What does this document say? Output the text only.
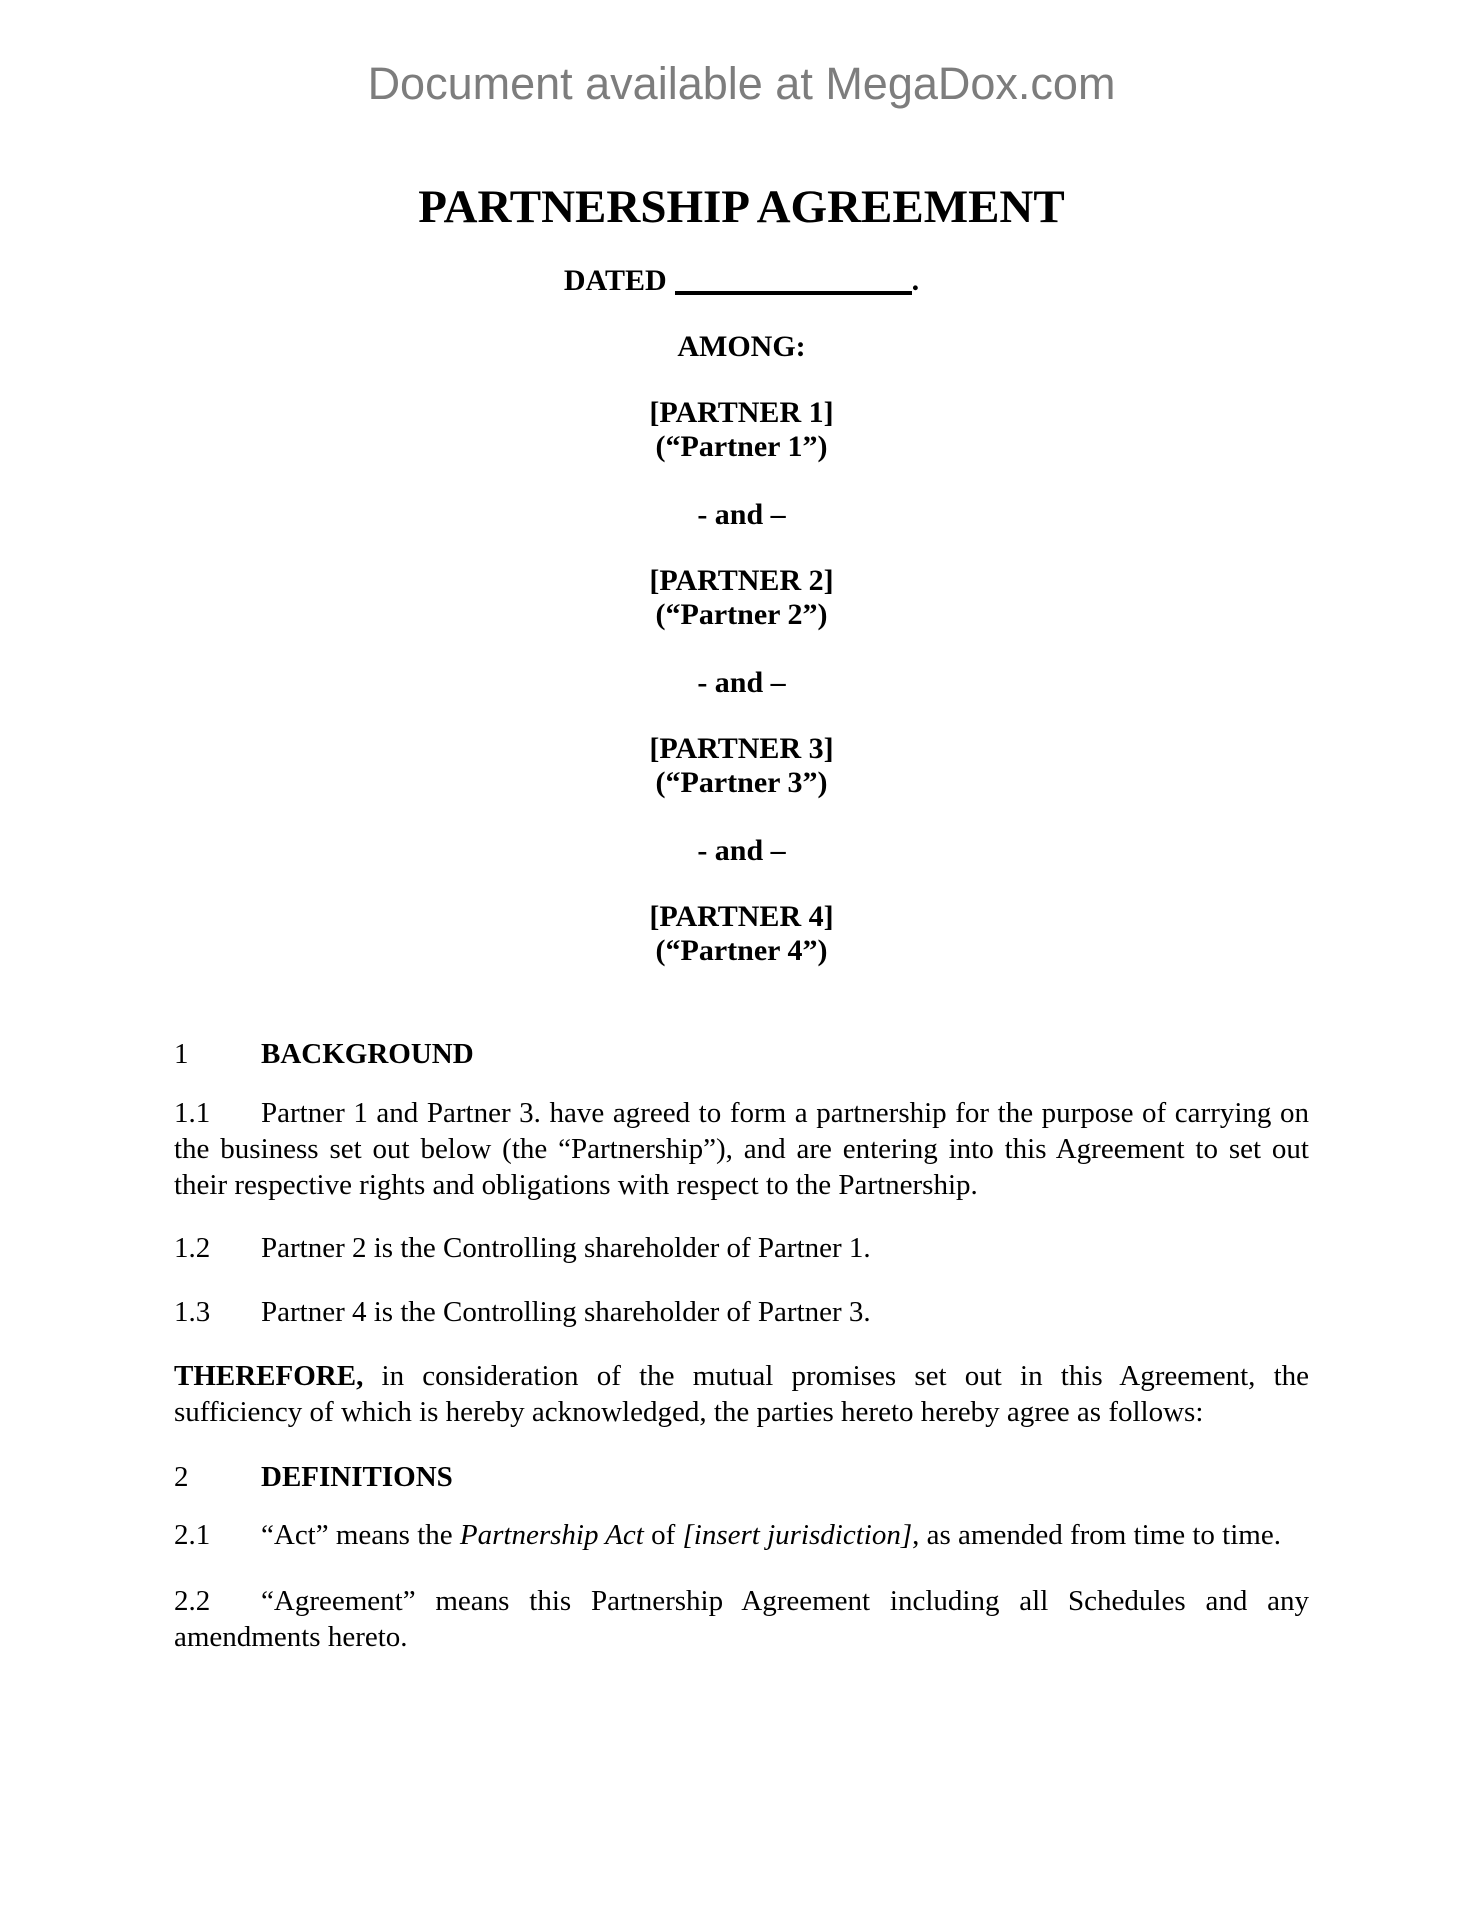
Document available at MegaDox.com
PARTNERSHIP AGREEMENT
DATED	.
AMONG:
[PARTNER 1]
(“Partner 1”)
- and –
[PARTNER 2]
(“Partner 2”)
- and –
[PARTNER 3]
(“Partner 3”)
- and –
[PARTNER 4]
(“Partner 4”)
1	BACKGROUND

1.1 Partner 1 and Partner 3. have agreed to form a partnership for the purpose of carrying on the business set out below (the “Partnership”), and are entering into this Agreement to set out their respective rights and obligations with respect to the Partnership.

1.2 Partner 2 is the Controlling shareholder of Partner 1.

1.3 Partner 4 is the Controlling shareholder of Partner 3.

THEREFORE, in consideration of the mutual promises set out in this Agreement, the sufficiency of which is hereby acknowledged, the parties hereto hereby agree as follows:

2	DEFINITIONS

2.1 “Act” means the Partnership Act of [insert jurisdiction], as amended from time to time.

2.2 “Agreement” means this Partnership Agreement including all Schedules and any amendments hereto.
